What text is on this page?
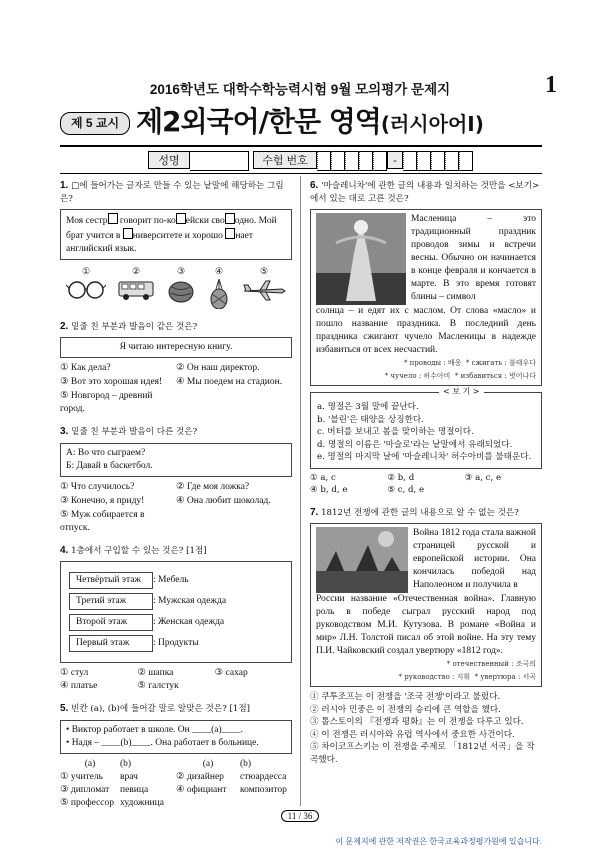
2016학년도 대학수학능력시험 9월 모의평가 문제지	1
제 5 교시 제2외국어/한문 영역(러시아어Ⅰ)
성명	수험 번호	-
1. □에 들어가는 글자로 만들 수 있는 낱말에 해당하는 그림은?
Моя сестр говорит по-ко ейски сво одно. Мой брат учится в ниверситете и хорошо нает английский язык.
①	②	③	④	⑤
2. 밑줄 친 부분과 발음이 같은 것은?
Я читаю интересную книгу.
① Как дела?	② Он наш директор.
③ Вот это хорошая идея!	④ Мы поедем на стадион.
⑤ Новгород – древний город.
3. 밑줄 친 부분과 발음이 다른 것은?
А: Во что сыграем?
Б: Давай в баскетбол.
① Что случилось?	② Где моя ложка?
③ Конечно, я приду!	④ Она любит шоколад.
⑤ Муж собирается в отпуск.
4. 1층에서 구입할 수 있는 것은? [1점]
Четвёртый этаж	: Мебель
Третий этаж	: Мужская одежда
Второй этаж	: Женская одежда
Первый этаж	: Продукты
① стул	② шапка	③ сахар
④ платье	⑤ галстук
5. 빈칸 (a), (b)에 들어갈 말로 알맞은 것은? [1점]
• Виктор работает в школе. Он ____(a)____.
• Надя – ____(b)____. Она работает в больнице.
(a)	(b)	(a)	(b)
① учитель	врач	② дизайнер	стюардесса
③ дипломат	певица	④ официант	композитор
⑤ профессор художница
6. '마슬레니차'에 관한 글의 내용과 일치하는 것만을 <보기>에서 있는 대로 고른 것은?
Масленица – это традиционный праздник проводов зимы и встречи весны. Обычно он начинается в конце февраля и кончается в марте. В это время готовят блины – символ
солнца – и едят их с маслом. От слова «масло» и пошло название праздника. В последний день праздника сжигают чучело Масленицы в надежде избавиться от всех несчастий.
* проводы : 배웅 * сжигать : 불태우다
* чучело : 허수아비 * избавиться : 벗어나다
< 보 기 >
a. 명절은 3월 말에 끝난다.
b. '블린'은 태양을 상징한다.
c. 버터를 보내고 봄을 맞이하는 명절이다.
d. 명절의 이름은 '마슬로'라는 낱말에서 유래되었다.
e. 명절의 마지막 날에 '마슬레니차' 허수아비를 불태운다.
① a, c	② b, d	③ a, c, e
④ b, d, e	⑤ c, d, e
7. 1812년 전쟁에 관한 글의 내용으로 알 수 없는 것은?
Война 1812 года стала важной страницей русской и европейской истории. Она кончилась победой над Наполеоном и получила в
России название «Отечественная война». Главную роль в победе сыграл русский народ под руководством М.И. Кутузова. В романе «Война и мир» Л.Н. Толстой писал об этой войне. На эту тему П.И. Чайковский создал увертюру «1812 год».
* отечественный : 조국의
* руководство : 지휘 * увертюра : 서곡
① 쿠투조프는 이 전쟁을 '조국 전쟁'이라고 불렀다.
② 러시아 민중은 이 전쟁의 승리에 큰 역할을 했다.
③ 톨스토이의 『전쟁과 평화』는 이 전쟁을 다루고 있다.
④ 이 전쟁은 러시아와 유럽 역사에서 중요한 사건이다.
⑤ 차이코프스키는 이 전쟁을 주제로 「1812년 서곡」을 작곡했다.
11 / 36
이 문제지에 관한 저작권은 한국교육과정평가원에 있습니다.
